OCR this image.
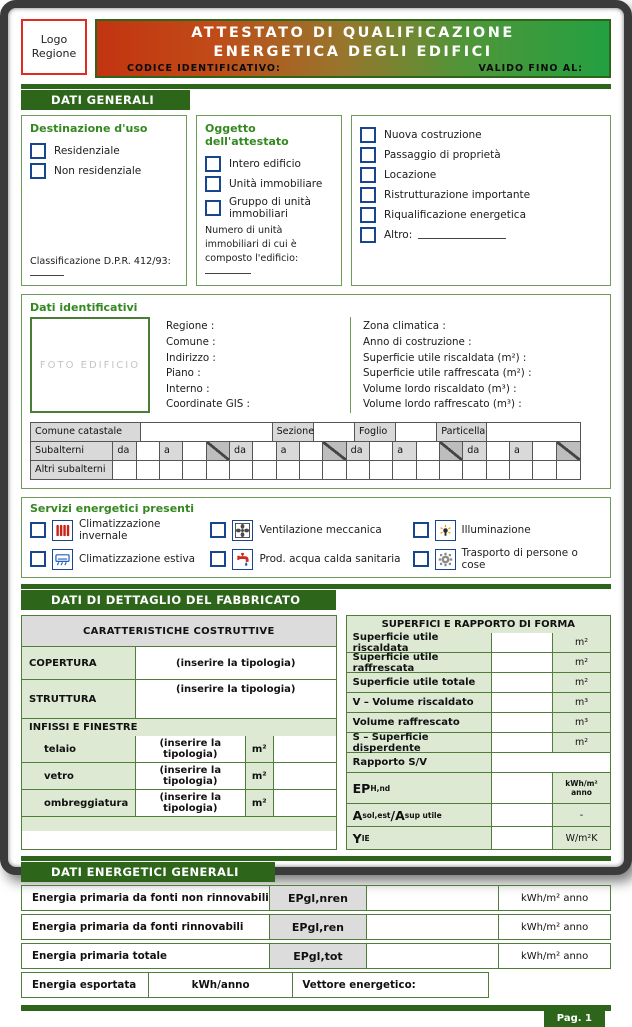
Logo
Regione
ATTESTATO DI QUALIFICAZIONE
ENERGETICA DEGLI EDIFICI
CODICE IDENTIFICATIVO:	VALIDO FINO AL:
DATI GENERALI
Destinazione d'uso
Residenziale
Non residenziale
Classificazione D.P.R. 412/93:
Oggetto dell'attestato
Intero edificio
Unità immobiliare
Gruppo di unità immobiliari
Numero di unità immobiliari di cui è composto l'edificio:
Nuova costruzione
Passaggio di proprietà
Locazione
Ristrutturazione importante
Riqualificazione energetica
Altro:
Dati identificativi
FOTO EDIFICIO
Regione :
Comune :
Indirizzo :
Piano :
Interno :
Coordinate GIS :
Zona climatica :
Anno di costruzione :
Superficie utile riscaldata (m²) :
Superficie utile raffrescata (m²) :
Volume lordo riscaldato (m³) :
Volume lordo raffrescato (m³) :
Comune catastale	Sezione	Foglio	Particella
Subalterni	da	a	da	a	da	a	da	a
Altri subalterni
Servizi energetici presenti
Climatizzazione invernale	Ventilazione meccanica	Illuminazione
Climatizzazione estiva	Prod. acqua calda sanitaria	Trasporto di persone o cose
DATI DI DETTAGLIO DEL FABBRICATO
CARATTERISTICHE COSTRUTTIVE
COPERTURA	(inserire la tipologia)
STRUTTURA
(inserire la tipologia)
INFISSI E FINESTRE
telaio	(inserire la tipologia)	m²
vetro	(inserire la tipologia)	m²
ombreggiatura	(inserire la tipologia)	m²
SUPERFICI E RAPPORTO DI FORMA
Superficie utile riscaldata	m²
Superficie utile raffrescata	m²
Superficie utile totale	m²
V – Volume riscaldato	m³
Volume raffrescato	m³
S – Superficie disperdente	m²
Rapporto S/V
EP H,nd	kWh/m² anno
A sol,est /A sup utile	-
Y IE	W/m²K
DATI ENERGETICI GENERALI
Energia primaria da fonti non rinnovabili	EPgl,nren	kWh/m² anno
Energia primaria da fonti rinnovabili	EPgl,ren	kWh/m² anno
Energia primaria totale	EPgl,tot	kWh/m² anno
Energia esportata	kWh/anno	Vettore energetico:
Pag. 1
